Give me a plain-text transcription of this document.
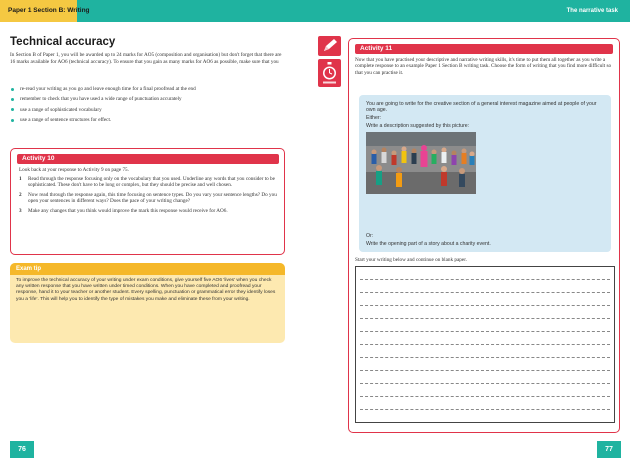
Paper 1 Section B: Writing	The narrative task
Technical accuracy
In Section B of Paper 1, you will be awarded up to 24 marks for AO5 (composition and organisation) but don't forget that there are 16 marks available for AO6 (technical accuracy). To ensure that you gain as many marks for AO6 as possible, make sure that you
re-read your writing as you go and leave enough time for a final proofread at the end
remember to check that you have used a wide range of punctuation accurately
use a range of sophisticated vocabulary
use a range of sentence structures for effect.
Activity 10
Look back at your response to Activity 9 on page 75.
1 Read through the response focusing only on the vocabulary that you used. Underline any words that you consider to be sophisticated. These don't have to be long or complex, but they should be precise and well chosen.
2 Now read through the response again, this time focusing on sentence types. Do you vary your sentence lengths? Do you open your sentences in different ways? Does the pace of your writing change?
3 Make any changes that you think would improve the mark this response would receive for AO6.
Exam tip
To improve the technical accuracy of your writing under exam conditions, give yourself five AO6 'lives' when you check any written response that you have written under timed conditions. When you have completed and proofread your response, hand it to your teacher or another student. Every spelling, punctuation or grammatical error they identify loses you a 'life'. This will help you to identify the type of mistakes you make and eliminate these from your writing.
76
Activity 11
Now that you have practised your descriptive and narrative writing skills, it's time to put them all together as you write a complete response to an example Paper 1 Section B writing task. Choose the form of writing that you find more difficult so that you can practise it.

You are going to write for the creative section of a general interest magazine aimed at people of your own age.

Either:

Write a description suggested by this picture:

Or:

Write the opening part of a story about a charity event.

Start your writing below and continue on blank paper.
77
